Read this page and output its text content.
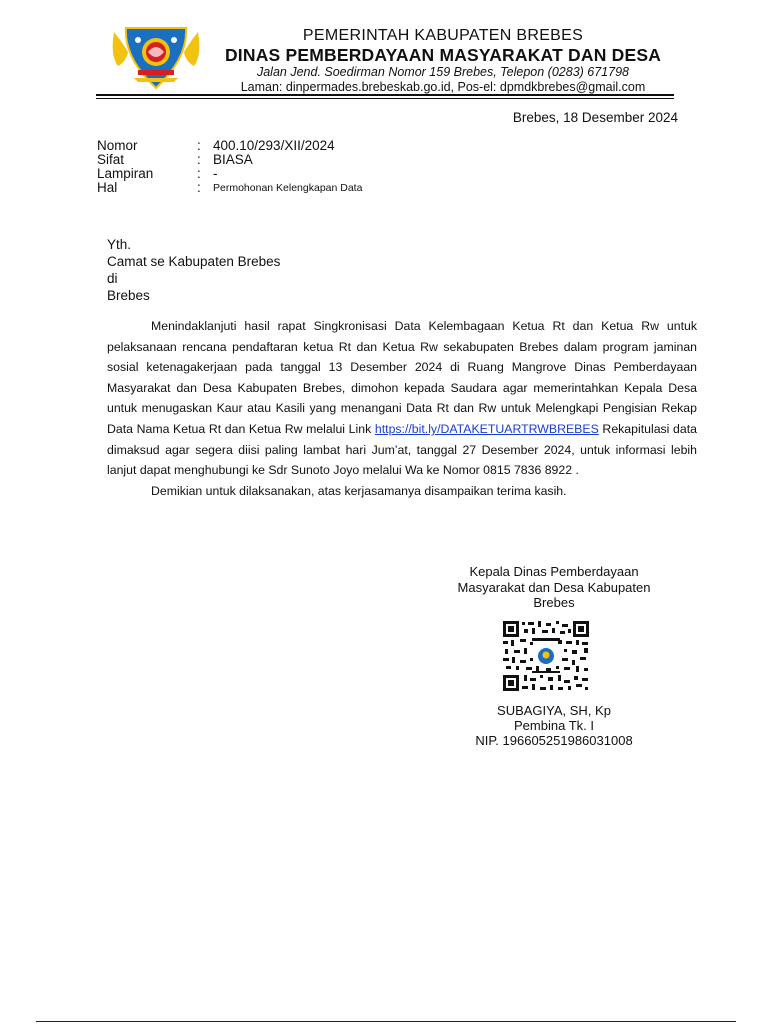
PEMERINTAH KABUPATEN BREBES
DINAS PEMBERDAYAAN MASYARAKAT DAN DESA
Jalan Jend. Soedirman Nomor 159 Brebes, Telepon (0283) 671798
Laman: dinpermades.brebeskab.go.id, Pos-el: dpmdkbrebes@gmail.com
Brebes, 18 Desember 2024
Nomor	: 400.10/293/XII/2024
Sifat	: BIASA
Lampiran	: -
Hal	:	Permohonan Kelengkapan Data
Yth.
Camat se Kabupaten Brebes
di
Brebes

Menindaklanjuti hasil rapat Singkronisasi Data Kelembagaan Ketua Rt dan Ketua Rw untuk pelaksanaan rencana pendaftaran ketua Rt dan Ketua Rw sekabupaten Brebes dalam program jaminan sosial ketenagakerjaan pada tanggal 13 Desember 2024 di Ruang Mangrove Dinas Pemberdayaan Masyarakat dan Desa Kabupaten Brebes, dimohon kepada Saudara agar memerintahkan Kepala Desa untuk menugaskan Kaur atau Kasili yang menangani Data Rt dan Rw untuk Melengkapi Pengisian Rekap Data Nama Ketua Rt dan Ketua Rw melalui Link https://bit.ly/DATAKETUARTRWBREBES Rekapitulasi data dimaksud agar segera diisi paling lambat hari Jum’at, tanggal 27 Desember 2024, untuk informasi lebih lanjut dapat menghubungi ke Sdr Sunoto Joyo melalui Wa ke Nomor 0815 7836 8922 .

Demikian untuk dilaksanakan, atas kerjasamanya disampaikan terima kasih.

Kepala Dinas Pemberdayaan
Masyarakat dan Desa Kabupaten
Brebes
SUBAGIYA, SH, Kp
Pembina Tk. I
NIP. 196605251986031008
